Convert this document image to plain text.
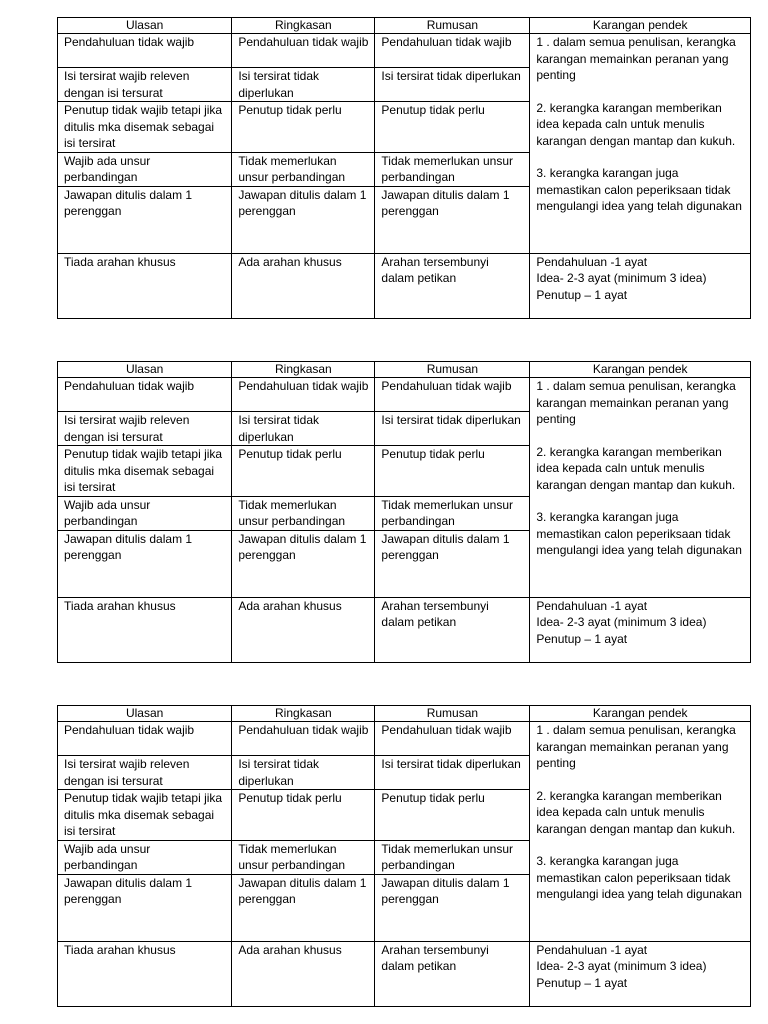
Ulasan	Ringkasan	Rumusan	Karangan pendek
Pendahuluan tidak wajib	Pendahuluan tidak wajib	Pendahuluan tidak wajib	1 . dalam semua penulisan, kerangka karangan memainkan peranan yang penting

2. kerangka karangan memberikan idea kepada caln untuk menulis karangan dengan mantap dan kukuh.

3. kerangka karangan juga memastikan calon peperiksaan tidak mengulangi idea yang telah digunakan

Isi tersirat wajib releven dengan isi tersurat	Isi tersirat tidak diperlukan	Isi tersirat tidak diperlukan	
Penutup tidak wajib tetapi jika ditulis mka disemak sebagai isi tersirat	Penutup tidak perlu	Penutup tidak perlu	
Wajib ada unsur perbandingan	Tidak memerlukan unsur perbandingan	Tidak memerlukan unsur perbandingan	
Jawapan ditulis dalam 1 perenggan	Jawapan ditulis dalam 1 perenggan	Jawapan ditulis dalam 1 perenggan	
Tiada arahan khusus	Ada arahan khusus	Arahan tersembunyi dalam petikan	Pendahuluan -1 ayat

Idea- 2-3 ayat (minimum 3 idea)

Penutup – 1 ayat

Ulasan	Ringkasan	Rumusan	Karangan pendek
Pendahuluan tidak wajib	Pendahuluan tidak wajib	Pendahuluan tidak wajib	1 . dalam semua penulisan, kerangka karangan memainkan peranan yang penting

2. kerangka karangan memberikan idea kepada caln untuk menulis karangan dengan mantap dan kukuh.

3. kerangka karangan juga memastikan calon peperiksaan tidak mengulangi idea yang telah digunakan

Isi tersirat wajib releven dengan isi tersurat	Isi tersirat tidak diperlukan	Isi tersirat tidak diperlukan	
Penutup tidak wajib tetapi jika ditulis mka disemak sebagai isi tersirat	Penutup tidak perlu	Penutup tidak perlu	
Wajib ada unsur perbandingan	Tidak memerlukan unsur perbandingan	Tidak memerlukan unsur perbandingan	
Jawapan ditulis dalam 1 perenggan	Jawapan ditulis dalam 1 perenggan	Jawapan ditulis dalam 1 perenggan	
Tiada arahan khusus	Ada arahan khusus	Arahan tersembunyi dalam petikan	Pendahuluan -1 ayat

Idea- 2-3 ayat (minimum 3 idea)

Penutup – 1 ayat

Ulasan	Ringkasan	Rumusan	Karangan pendek
Pendahuluan tidak wajib	Pendahuluan tidak wajib	Pendahuluan tidak wajib	1 . dalam semua penulisan, kerangka karangan memainkan peranan yang penting

2. kerangka karangan memberikan idea kepada caln untuk menulis karangan dengan mantap dan kukuh.

3. kerangka karangan juga memastikan calon peperiksaan tidak mengulangi idea yang telah digunakan

Isi tersirat wajib releven dengan isi tersurat	Isi tersirat tidak diperlukan	Isi tersirat tidak diperlukan	
Penutup tidak wajib tetapi jika ditulis mka disemak sebagai isi tersirat	Penutup tidak perlu	Penutup tidak perlu	
Wajib ada unsur perbandingan	Tidak memerlukan unsur perbandingan	Tidak memerlukan unsur perbandingan	
Jawapan ditulis dalam 1 perenggan	Jawapan ditulis dalam 1 perenggan	Jawapan ditulis dalam 1 perenggan	
Tiada arahan khusus	Ada arahan khusus	Arahan tersembunyi dalam petikan	Pendahuluan -1 ayat

Idea- 2-3 ayat (minimum 3 idea)

Penutup – 1 ayat
